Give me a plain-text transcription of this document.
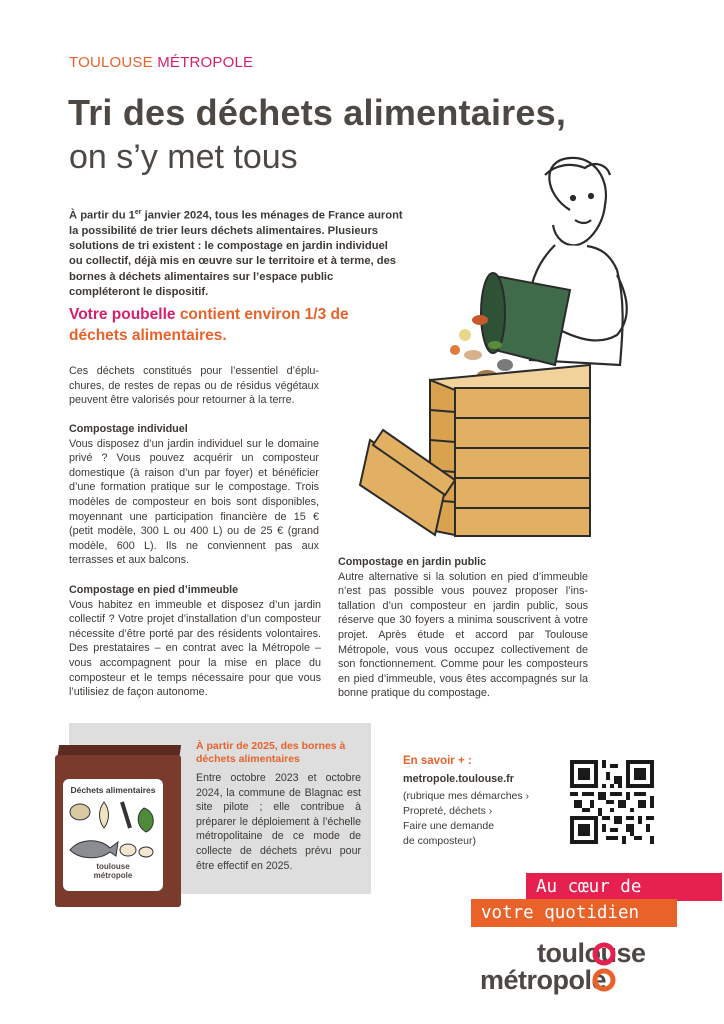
TOULOUSE MÉTROPOLE
Tri des déchets alimentaires,
on s’y met tous
À partir du 1er janvier 2024, tous les ménages de France auront la possibilité de trier leurs déchets alimentaires. Plusieurs solutions de tri existent : le compostage en jardin individuel ou collectif, déjà mis en œuvre sur le territoire et à terme, des bornes à déchets alimentaires sur l’espace public compléteront le dispositif.
Votre poubelle contient environ 1/3 de déchets alimentaires.
Ces déchets constitués pour l’essentiel d’épluchures, de restes de repas ou de résidus végétaux peuvent être valorisés pour retourner à la terre.
Compostage individuel
Vous disposez d’un jardin individuel sur le domaine privé ? Vous pouvez acquérir un composteur domestique (à raison d’un par foyer) et bénéficier d’une formation pratique sur le compostage. Trois modèles de composteur en bois sont disponibles, moyennant une participation financière de 15 € (petit modèle, 300 L ou 400 L) ou de 25 € (grand modèle, 600 L). Ils ne conviennent pas aux terrasses et aux balcons.
Compostage en pied d’immeuble
Vous habitez en immeuble et disposez d’un jardin collectif ? Votre projet d’installation d’un composteur nécessite d’être porté par des résidents volontaires. Des prestataires – en contrat avec la Métropole – vous accompagnent pour la mise en place du composteur et le temps nécessaire pour que vous l’utilisiez de façon autonome.
Compostage en jardin public
Autre alternative si la solution en pied d’immeuble n’est pas possible vous pouvez proposer l’installation d’un composteur en jardin public, sous réserve que 30 foyers a minima souscrivent à votre projet. Après étude et accord par Toulouse Métropole, vous vous occupez collectivement de son fonctionnement. Comme pour les composteurs en pied d’immeuble, vous êtes accompagnés sur la bonne pratique du compostage.
Déchets alimentaires
toulouse
métropole
À partir de 2025, des bornes à déchets alimentaires
Entre octobre 2023 et octobre 2024, la commune de Blagnac est site pilote ; elle contribue à préparer le déploiement à l’échelle métropolitaine de ce mode de collecte de déchets prévu pour être effectif en 2025.
En savoir + :
metropole.toulouse.fr
(rubrique mes démarches ›
Propreté, déchets ›
Faire une demande
de composteur)
Au cœur de
votre quotidien
toulouse
métropole
